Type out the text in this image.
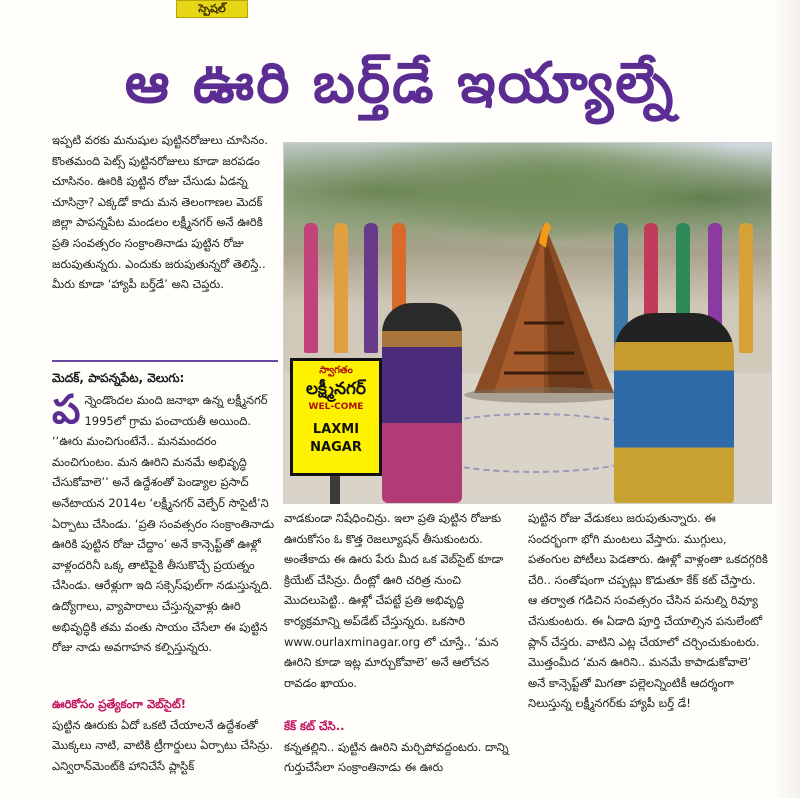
స్పెషల్
ఆ ఊరి బర్త్‌డే ఇయ్యాల్నే
ఇప్పటి వరకు మనుషుల పుట్టినరోజులు చూసినం. కొంతమంది పెట్స్ పుట్టినరోజులు కూడా జరపడం చూసినం. ఊరికి పుట్టిన రోజు చేసుడు ఏడన్న చూసిన్రా? ఎక్కడో కాదు మన తెలంగాణల మెదక్ జిల్లా పాపన్నపేట మండలం లక్ష్మీనగర్ అనే ఊరికి ప్రతి సంవత్సరం సంక్రాంతినాడు పుట్టిన రోజు జరుపుతున్నరు. ఎందుకు జరుపుతున్నరో తెలిస్తే.. మీరు కూడా ‘హ్యాపీ బర్త్‌డే’ అని చెప్తరు.
మెదక్, పాపన్నపేట, వెలుగు:

పన్నెండొందల మంది జనాభా ఉన్న లక్ష్మీనగర్ 1995లో గ్రామ పంచాయతీ అయింది. ‘‘ఊరు మంచిగుంటేనే.. మనమందరం మంచిగుంటం. మన ఊరిని మనమే అభివృద్ధి చేసుకోవాలె’’ అనే ఉద్దేశంతో పెండ్యాల ప్రసాద్ అనేటాయన 2014ల ‘లక్ష్మీనగర్ వెల్ఫేర్ సొసైటీ’ని ఏర్పాటు చేసిండు. ‘ప్రతి సంవత్సరం సంక్రాంతినాడు ఊరికి పుట్టిన రోజు చేద్దాం’ అనే కాన్సెప్ట్‌తో ఊళ్లో వాళ్లందరినీ ఒక్క తాటిపైకి తీసుకొచ్చే ప్రయత్నం చేసిండు. ఆరేళ్లుగా ఇది సక్సెస్‌ఫుల్‌గా నడుస్తున్నది. ఉద్యోగాలు, వ్యాపారాలు చేస్తున్నవాళ్లు ఊరి అభివృద్ధికి తమ వంతు సాయం చేసేలా ఈ పుట్టిన రోజు నాడు అవగాహన కల్పిస్తున్నరు.

ఊరికోసం ప్రత్యేకంగా వెబ్‌సైట్!

పుట్టిన ఊరుకు ఏదో ఒకటి చేయాలనే ఉద్దేశంతో మొక్కలు నాటి, వాటికి ట్రీగార్డులు ఏర్పాటు చేసిన్రు. ఎన్విరాన్‌మెంట్‌కి హానిచేసే ప్లాస్టిక్

స్వాగతం
లక్ష్మీనగర్
WEL-COME
LAXMI NAGAR

వాడకుండా నిషేధించిన్రు. ఇలా ప్రతి పుట్టిన రోజుకు ఊరుకోసం ఓ కొత్త రెజల్యూషన్ తీసుకుంటరు. అంతేకాదు ఈ ఊరు పేరు మీద ఒక వెబ్‌సైట్ కూడా క్రియేట్ చేసిన్రు. దీంట్లో ఊరి చరిత్ర నుంచి మొదలుపెట్టి.. ఊళ్లో చేపట్టే ప్రతి అభివృద్ధి కార్యక్రమాన్ని అప్‌డేట్ చేస్తున్నరు. ఒకసారి www.ourlaxminagar.org లో చూస్తే.. ‘మన ఊరిని కూడా ఇట్ల మార్చుకోవాలె’ అనే ఆలోచన రావడం ఖాయం.

కేక్ కట్ చేసి..

కన్నతల్లిని.. పుట్టిన ఊరిని మర్చిపోవద్దంటరు. దాన్ని గుర్తుచేసేలా సంక్రాంతినాడు ఈ ఊరు

పుట్టిన రోజు వేడుకలు జరుపుతున్నారు. ఈ సందర్భంగా భోగి మంటలు వేస్తారు. ముగ్గులు, పతంగుల పోటీలు పెడతారు. ఊళ్లో వాళ్లంతా ఒకదగ్గరికి చేరి.. సంతోషంగా చప్పట్లు కొడుతూ కేక్ కట్ చేస్తారు. ఆ తర్వాత గడిచిన సంవత్సరం చేసిన పనుల్ని రివ్యూ చేసుకుంటరు. ఈ ఏడాది పూర్తి చేయాల్సిన పనులేంటో ప్లాన్ చేస్తరు. వాటిని ఎట్ల చేయాలో చర్చించుకుంటరు. మొత్తంమీద ‘మన ఊరిని.. మనమే కాపాడుకోవాలె’ అనే కాన్సెప్ట్‌తో మిగతా పల్లెలన్నింటికీ ఆదర్శంగా నిలుస్తున్న లక్ష్మీనగర్‌కు హ్యాపీ బర్త్ డే!
